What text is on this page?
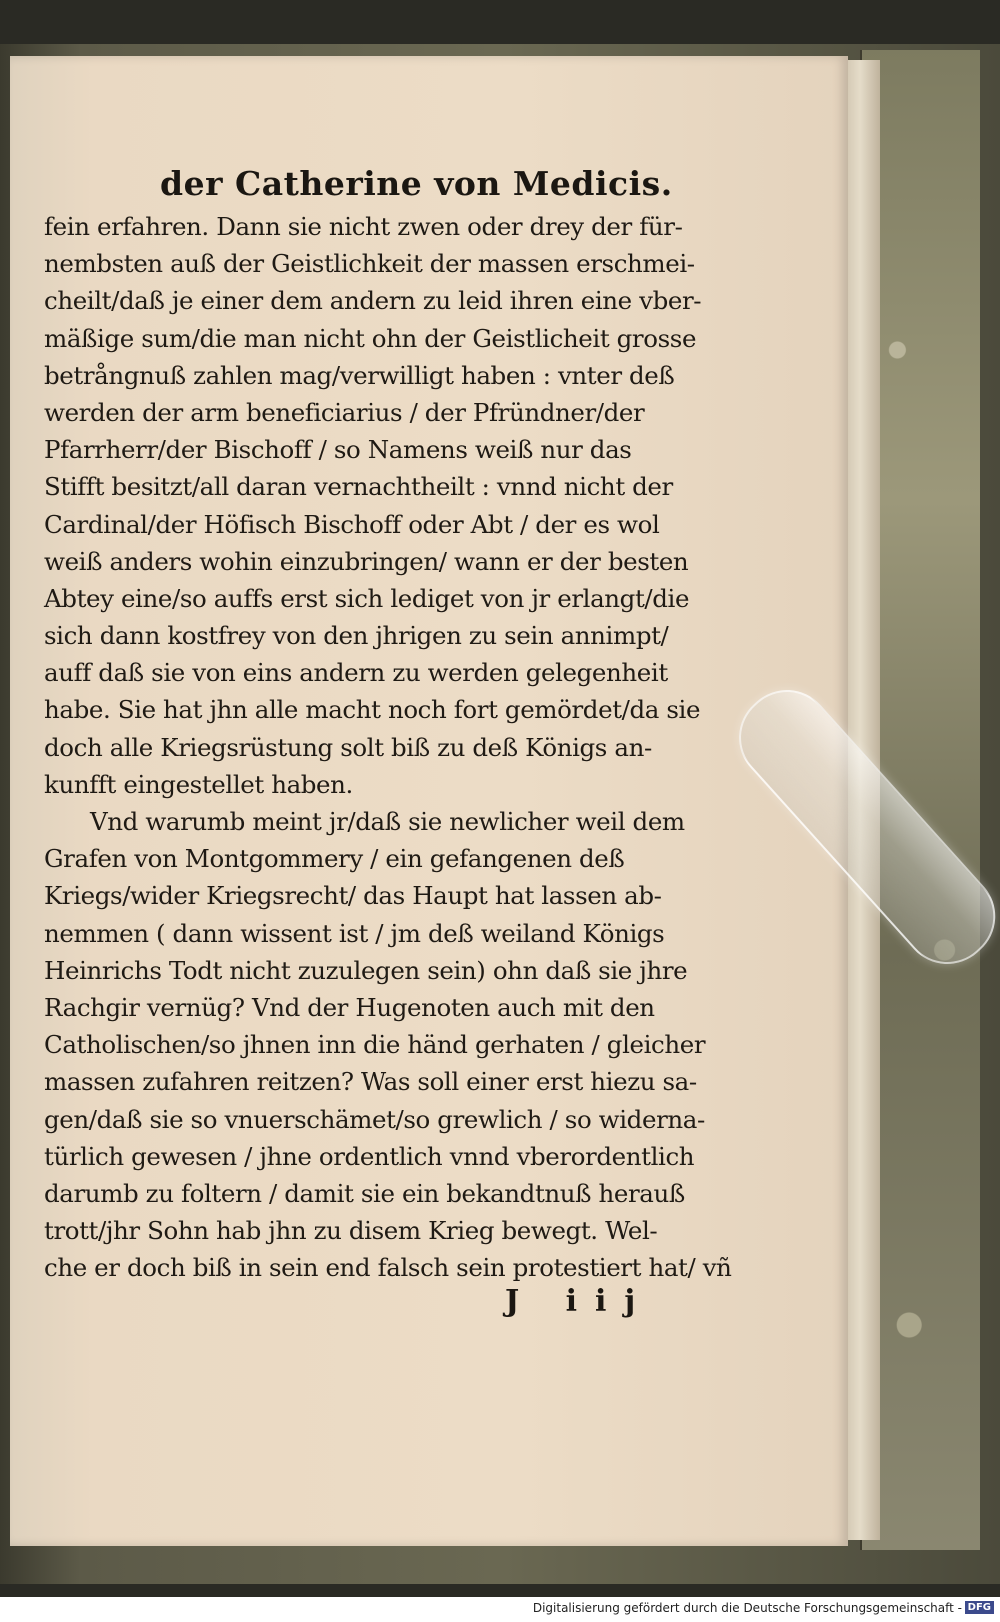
der Catherine von Medicis.
fein erfahren. Dann sie nicht zwen oder drey der für-
nembsten auß der Geistlichkeit der massen erschmei-
cheilt/daß je einer dem andern zu leid ihren eine vber-
mäßige sum/die man nicht ohn der Geistlicheit grosse
betrångnuß zahlen mag/verwilligt haben : vnter deß
werden der arm beneficiarius / der Pfründner/der
Pfarrherr/der Bischoff / so Namens weiß nur das
Stifft besitzt/all daran vernachtheilt : vnnd nicht der
Cardinal/der Höfisch Bischoff oder Abt / der es wol
weiß anders wohin einzubringen/ wann er der besten
Abtey eine/so auffs erst sich lediget von jr erlangt/die
sich dann kostfrey von den jhrigen zu sein annimpt/
auff daß sie von eins andern zu werden gelegenheit
habe. Sie hat jhn alle macht noch fort gemördet/da sie
doch alle Kriegsrüstung solt biß zu deß Königs an-
kunfft eingestellet haben.
Vnd warumb meint jr/daß sie newlicher weil dem
Grafen von Montgommery / ein gefangenen deß
Kriegs/wider Kriegsrecht/ das Haupt hat lassen ab-
nemmen ( dann wissent ist / jm deß weiland Königs
Heinrichs Todt nicht zuzulegen sein) ohn daß sie jhre
Rachgir vernüg? Vnd der Hugenoten auch mit den
Catholischen/so jhnen inn die händ gerhaten / gleicher
massen zufahren reitzen? Was soll einer erst hiezu sa-
gen/daß sie so vnuerschämet/so grewlich / so widerna-
türlich gewesen / jhne ordentlich vnnd vberordentlich
darumb zu foltern / damit sie ein bekandtnuß herauß
trott/jhr Sohn hab jhn zu disem Krieg bewegt. Wel-
che er doch biß in sein end falsch sein protestiert hat/ vñ
J iij
Digitalisierung gefördert durch die Deutsche Forschungsgemeinschaft - DFG
